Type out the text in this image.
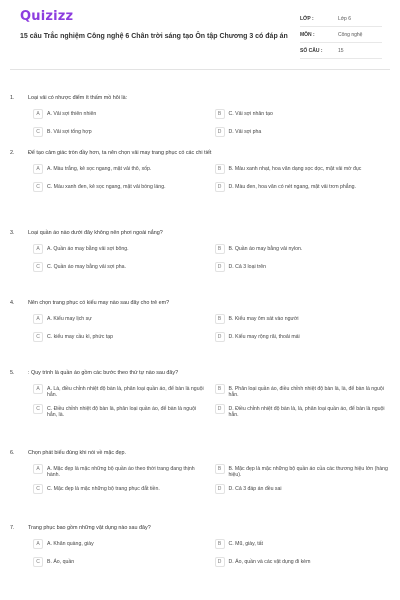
Quizizz
15 câu Trắc nghiệm Công nghệ 6 Chân trời sáng tạo Ôn tập Chương 3 có đáp án
LỚP :	Lớp 6
MÔN :	Công nghệ
SỐ CÂU :	15
1.	Loại vải có nhược điểm ít thấm mồ hôi là:
A	A. Vải sợi thiên nhiên	B	C. Vải sợi nhân tạo
C	B. Vải sợi tổng hợp	D	D. Vải sợi pha
2.	Để tạo cảm giác tròn đầy hơn, ta nên chọn vải may trang phục có các chi tiết
A	A. Màu trắng, kẻ sọc ngang, mặt vải thô, xốp.	B	B. Màu xanh nhạt, hoa văn dạng sọc dọc, mặt vải mờ đục
C	C. Màu xanh đen, kẻ sọc ngang, mặt vải bóng láng.	D	D. Màu đen, hoa văn có nét ngang, mặt vải trơn phẳng.
3.	Loại quần áo nào dưới đây không nên phơi ngoài nắng?
A	A. Quần áo may bằng vải sợi bông.	B	B. Quần áo may bằng vải nylon.
C	C. Quần áo may bằng vải sợi pha.	D	D. Cả 3 loại trên
4.	Nên chọn trang phục có kiểu may nào sau đây cho trẻ em?
A	A. Kiểu may lịch sự	B	B. Kiểu may ôm sát vào người
C	C. kiểu may cầu kì, phức tạp	D	D. Kiểu may rộng rãi, thoải mái
5.	: Quy trình là quần áo gồm các bước theo thứ tự nào sau đây?
A	A. Là, điều chỉnh nhiệt độ bàn là, phân loại quần áo, để bàn là nguội hẳn.
B	B. Phân loại quần áo, điều chỉnh nhiệt độ bàn là, là, để bàn là nguội hẳn.
C	C. Điều chỉnh nhiệt độ bàn là, phân loại quần áo, để bàn là nguội hẳn, là.
D	D. Điều chỉnh nhiệt độ bàn là, là, phân loại quần áo, để bàn là nguội hẳn.
6.	Chọn phát biểu đúng khi nói về mặc đẹp.
A	A. Mặc đẹp là mặc những bộ quần áo theo thời trang đang thịnh hành.
B	B. Mặc đẹp là mặc những bộ quần áo của các thương hiệu lớn (hàng hiệu).
C	C. Mặc đẹp là mặc những bộ trang phục đắt tiền.	D	D. Cả 3 đáp án đều sai
7.	Trang phục bao gồm những vật dụng nào sau đây?
A	A. Khăn quàng, giày	B	C. Mũ, giày, tất
C	B. Áo, quần	D	D. Áo, quần và các vật dụng đi kèm
